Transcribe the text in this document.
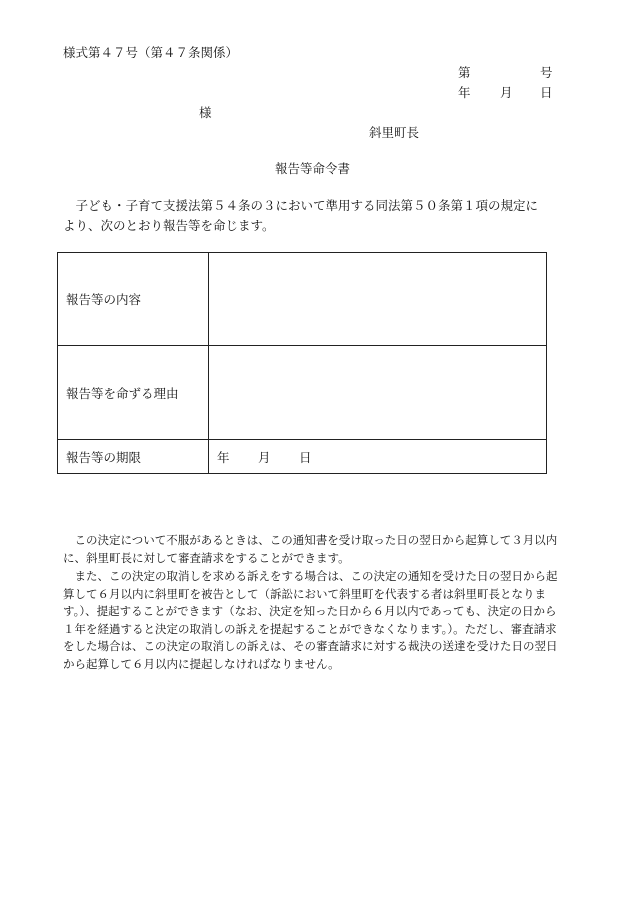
様式第４７号（第４７条関係）
第	号
年 月 日
様
斜里町長
報告等命令書
　子ども・子育て支援法第５４条の３において準用する同法第５０条第１項の規定に
より、次のとおり報告等を命じます。
報告等の内容	
報告等を命ずる理由	
報告等の期限	年 月 日
　この決定について不服があるときは、この通知書を受け取った日の翌日から起算して３月以内
に、斜里町長に対して審査請求をすることができます。
　また、この決定の取消しを求める訴えをする場合は、この決定の通知を受けた日の翌日から起
算して６月以内に斜里町を被告として（訴訟において斜里町を代表する者は斜里町長となりま
す。）、提起することができます（なお、決定を知った日から６月以内であっても、決定の日から
１年を経過すると決定の取消しの訴えを提起することができなくなります。）。ただし、審査請求
をした場合は、この決定の取消しの訴えは、その審査請求に対する裁決の送達を受けた日の翌日
から起算して６月以内に提起しなければなりません。
